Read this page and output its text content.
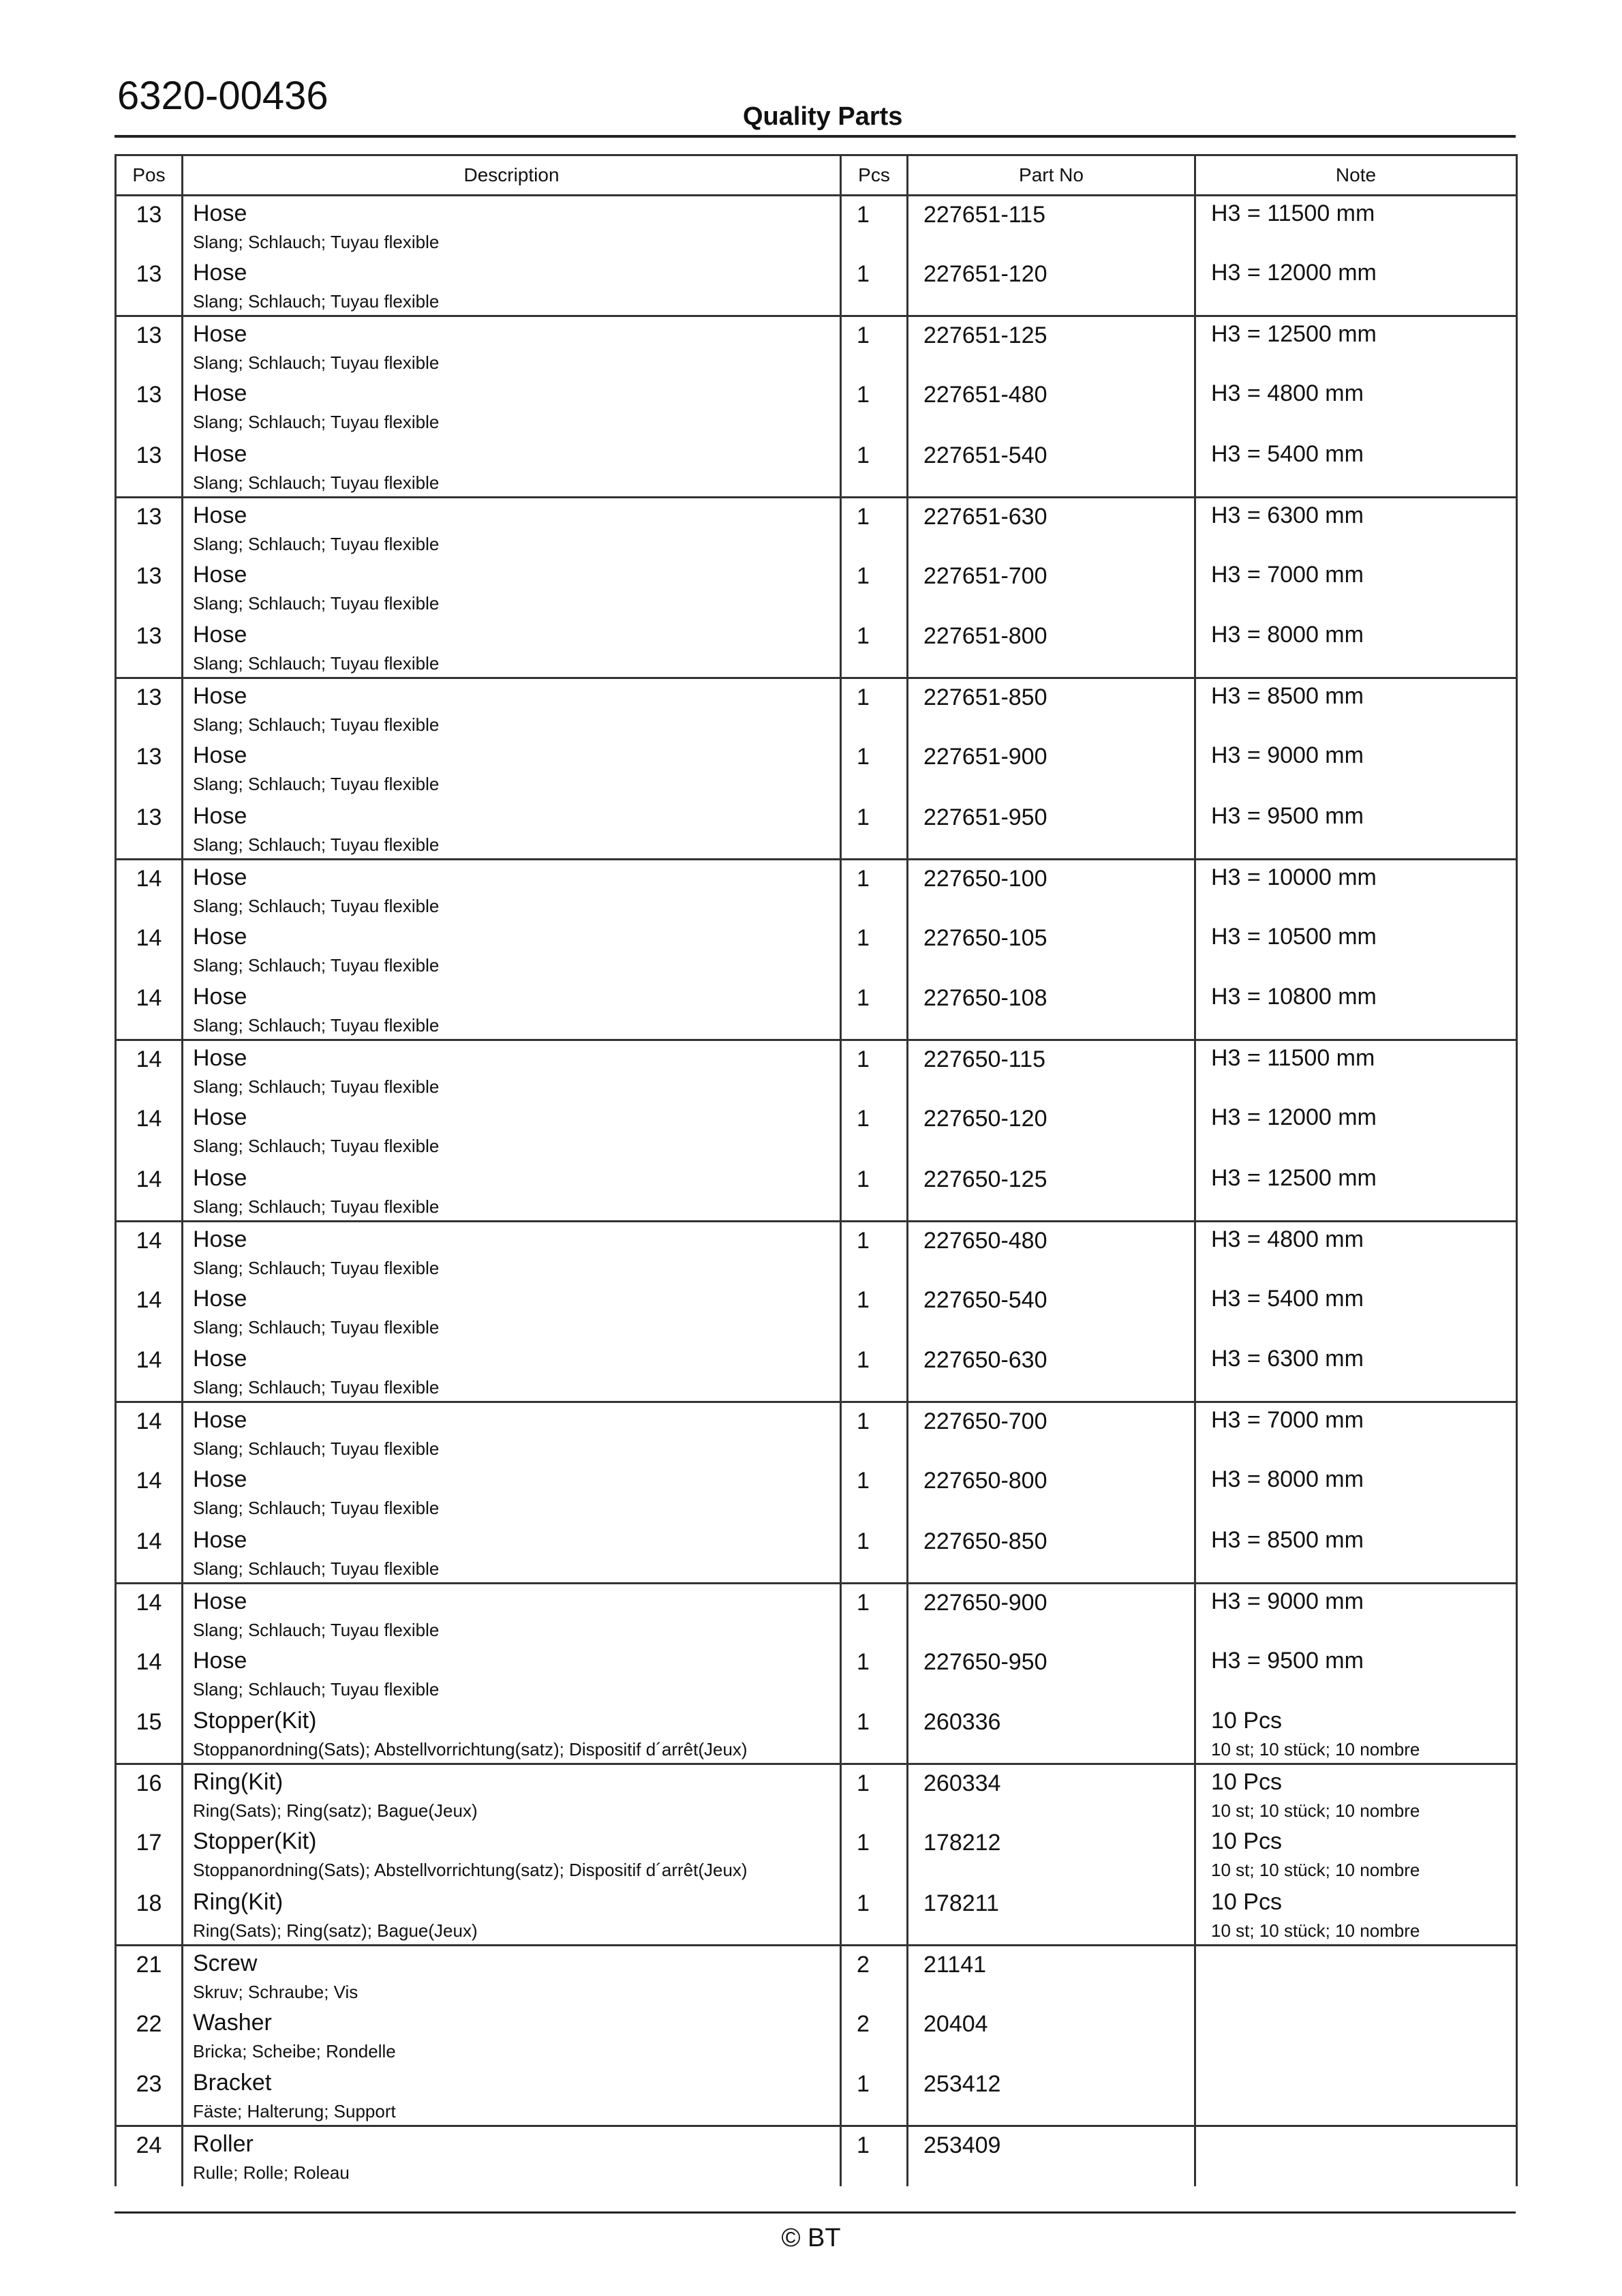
6320-00436	Quality Parts
Pos	Description	Pcs	Part No	Note
13	Hose
Slang; Schlauch; Tuyau flexible	1	227651-115	H3 = 11500 mm

13	Hose
Slang; Schlauch; Tuyau flexible	1	227651-120	H3 = 12000 mm

13	Hose
Slang; Schlauch; Tuyau flexible	1	227651-125	H3 = 12500 mm

13	Hose
Slang; Schlauch; Tuyau flexible	1	227651-480	H3 = 4800 mm

13	Hose
Slang; Schlauch; Tuyau flexible	1	227651-540	H3 = 5400 mm

13	Hose
Slang; Schlauch; Tuyau flexible	1	227651-630	H3 = 6300 mm

13	Hose
Slang; Schlauch; Tuyau flexible	1	227651-700	H3 = 7000 mm

13	Hose
Slang; Schlauch; Tuyau flexible	1	227651-800	H3 = 8000 mm

13	Hose
Slang; Schlauch; Tuyau flexible	1	227651-850	H3 = 8500 mm

13	Hose
Slang; Schlauch; Tuyau flexible	1	227651-900	H3 = 9000 mm

13	Hose
Slang; Schlauch; Tuyau flexible	1	227651-950	H3 = 9500 mm

14	Hose
Slang; Schlauch; Tuyau flexible	1	227650-100	H3 = 10000 mm

14	Hose
Slang; Schlauch; Tuyau flexible	1	227650-105	H3 = 10500 mm

14	Hose
Slang; Schlauch; Tuyau flexible	1	227650-108	H3 = 10800 mm

14	Hose
Slang; Schlauch; Tuyau flexible	1	227650-115	H3 = 11500 mm

14	Hose
Slang; Schlauch; Tuyau flexible	1	227650-120	H3 = 12000 mm

14	Hose
Slang; Schlauch; Tuyau flexible	1	227650-125	H3 = 12500 mm

14	Hose
Slang; Schlauch; Tuyau flexible	1	227650-480	H3 = 4800 mm

14	Hose
Slang; Schlauch; Tuyau flexible	1	227650-540	H3 = 5400 mm

14	Hose
Slang; Schlauch; Tuyau flexible	1	227650-630	H3 = 6300 mm

14	Hose
Slang; Schlauch; Tuyau flexible	1	227650-700	H3 = 7000 mm

14	Hose
Slang; Schlauch; Tuyau flexible	1	227650-800	H3 = 8000 mm

14	Hose
Slang; Schlauch; Tuyau flexible	1	227650-850	H3 = 8500 mm

14	Hose
Slang; Schlauch; Tuyau flexible	1	227650-900	H3 = 9000 mm

14	Hose
Slang; Schlauch; Tuyau flexible	1	227650-950	H3 = 9500 mm

15	Stopper(Kit)
Stoppanordning(Sats); Abstellvorrichtung(satz); Dispositif d´arrêt(Jeux)	1	260336	10 Pcs
10 st; 10 stück; 10 nombre

16	Ring(Kit)
Ring(Sats); Ring(satz); Bague(Jeux)	1	260334	10 Pcs
10 st; 10 stück; 10 nombre

17	Stopper(Kit)
Stoppanordning(Sats); Abstellvorrichtung(satz); Dispositif d´arrêt(Jeux)	1	178212	10 Pcs
10 st; 10 stück; 10 nombre

18	Ring(Kit)
Ring(Sats); Ring(satz); Bague(Jeux)	1	178211	10 Pcs
10 st; 10 stück; 10 nombre

21	Screw
Skruv; Schraube; Vis	2	21141	

22	Washer
Bricka; Scheibe; Rondelle	2	20404	

23	Bracket
Fäste; Halterung; Support	1	253412	

24	Roller
Rulle; Rolle; Roleau	1	253409	
© BT
